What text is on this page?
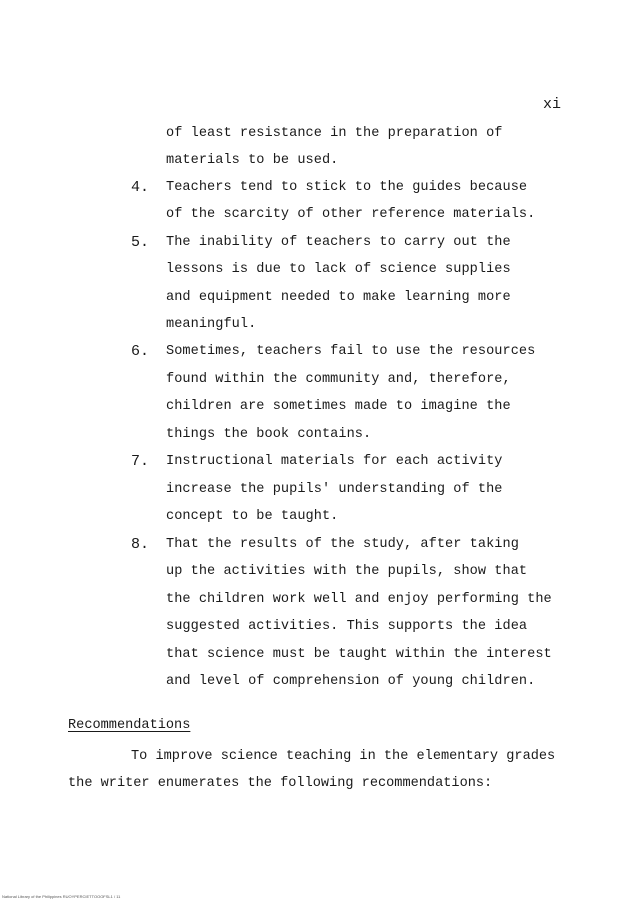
xi
of least resistance in the preparation of
materials to be used.
4. Teachers tend to stick to the guides because
of the scarcity of other reference materials.
5. The inability of teachers to carry out the
lessons is due to lack of science supplies
and equipment needed to make learning more
meaningful.
6. Sometimes, teachers fail to use the resources
found within the community and, therefore,
children are sometimes made to imagine the
things the book contains.
7. Instructional materials for each activity
increase the pupils' understanding of the
concept to be taught.
8. That the results of the study, after taking
up the activities with the pupils, show that
the children work well and enjoy performing the
suggested activities. This supports the idea
that science must be taught within the interest
and level of comprehension of young children.
Recommendations
To improve science teaching in the elementary grades
the writer enumerates the following recommendations:
National Library of the Philippines RUOYPERCIETTOOOFSL1 / 11
